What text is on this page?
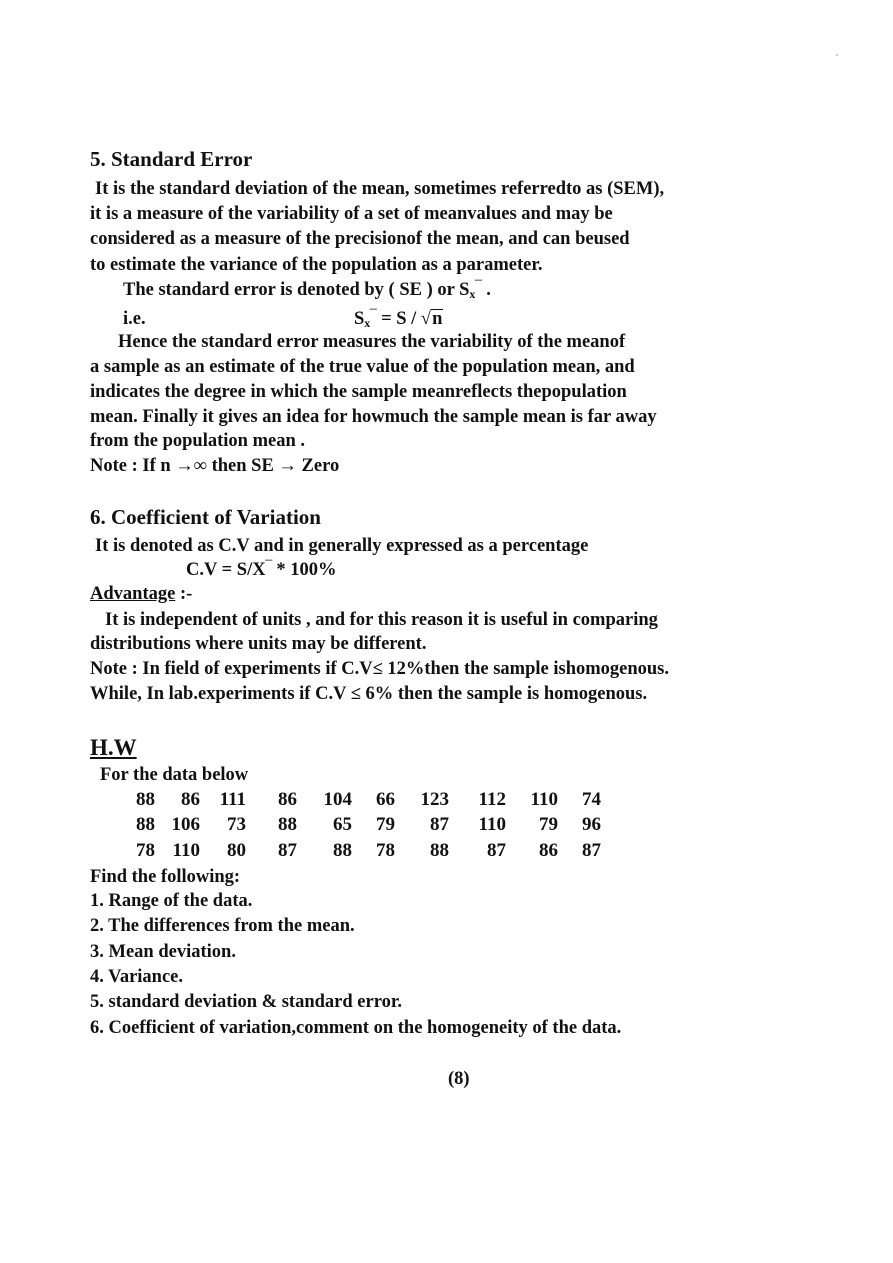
5. Standard Error
It is the standard deviation of the mean, sometimes referredto as (SEM),
it is a measure of the variability of a set of meanvalues and may be
considered as a measure of the precisionof the mean, and can beused
to estimate the variance of the population as a parameter.
The standard error is denoted by ( SE ) or $S_x‾$ .
i.e.	$S_x‾ = S / √n$
Hence the standard error measures the variability of the meanof
a sample as an estimate of the true value of the population mean, and
indicates the degree in which the sample meanreflects thepopulation
mean. Finally it gives an idea for howmuch the sample mean is far away
from the population mean .
Note : If n →∞ then SE → Zero
6. Coefficient of Variation
It is denoted as C.V and in generally expressed as a percentage
C.V = S/X‾ * 100%
Advantage :-
It is independent of units , and for this reason it is useful in comparing
distributions where units may be different.
Note : In field of experiments if C.V≤ 12%then the sample ishomogenous.
While, In lab.experiments if C.V ≤ 6% then the sample is homogenous.
H.W
For the data below
88	86	111	86	104	66	123	112	110	74
88 106	73	88	65	79	87	110	79	96
78 110	80	87	88	78	88	87	86	87
Find the following:
1. Range of the data.
2. The differences from the mean.
3. Mean deviation.
4. Variance.
5. standard deviation & standard error.
6. Coefficient of variation,comment on the homogeneity of the data.
(8)
